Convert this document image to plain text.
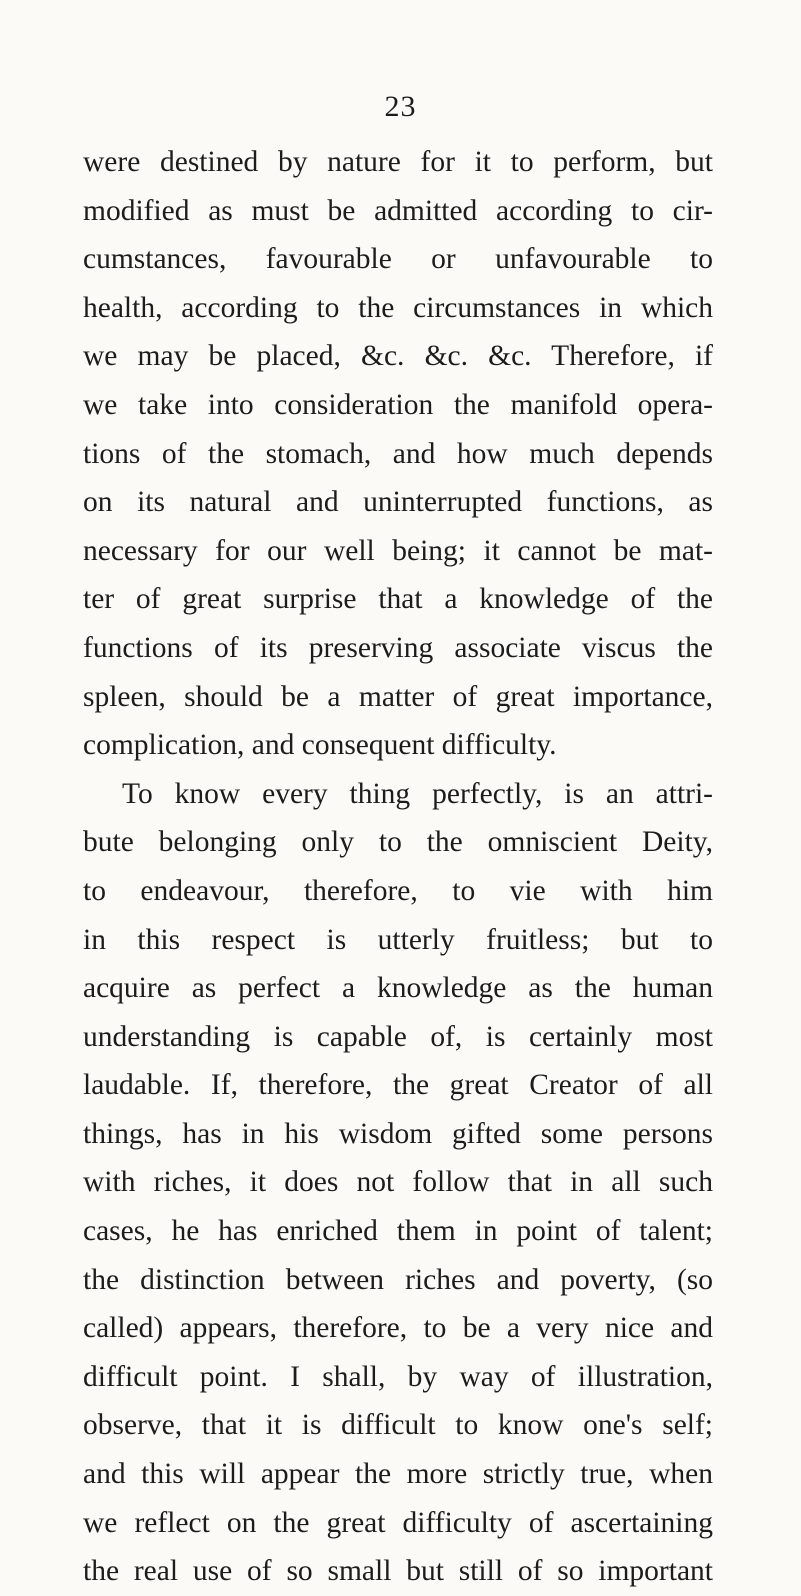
23
were destined by nature for it to perform, but
modified as must be admitted according to cir-
cumstances, favourable or unfavourable to
health, according to the circumstances in which
we may be placed, &c. &c. &c. Therefore, if
we take into consideration the manifold opera-
tions of the stomach, and how much depends
on its natural and uninterrupted functions, as
necessary for our well being; it cannot be mat-
ter of great surprise that a knowledge of the
functions of its preserving associate viscus the
spleen, should be a matter of great importance,
complication, and consequent difficulty.
To know every thing perfectly, is an attri-
bute belonging only to the omniscient Deity,
to endeavour, therefore, to vie with him
in this respect is utterly fruitless; but to
acquire as perfect a knowledge as the human
understanding is capable of, is certainly most
laudable. If, therefore, the great Creator of all
things, has in his wisdom gifted some persons
with riches, it does not follow that in all such
cases, he has enriched them in point of talent;
the distinction between riches and poverty, (so
called) appears, therefore, to be a very nice and
difficult point. I shall, by way of illustration,
observe, that it is difficult to know one's self;
and this will appear the more strictly true, when
we reflect on the great difficulty of ascertaining
the real use of so small but still of so important
